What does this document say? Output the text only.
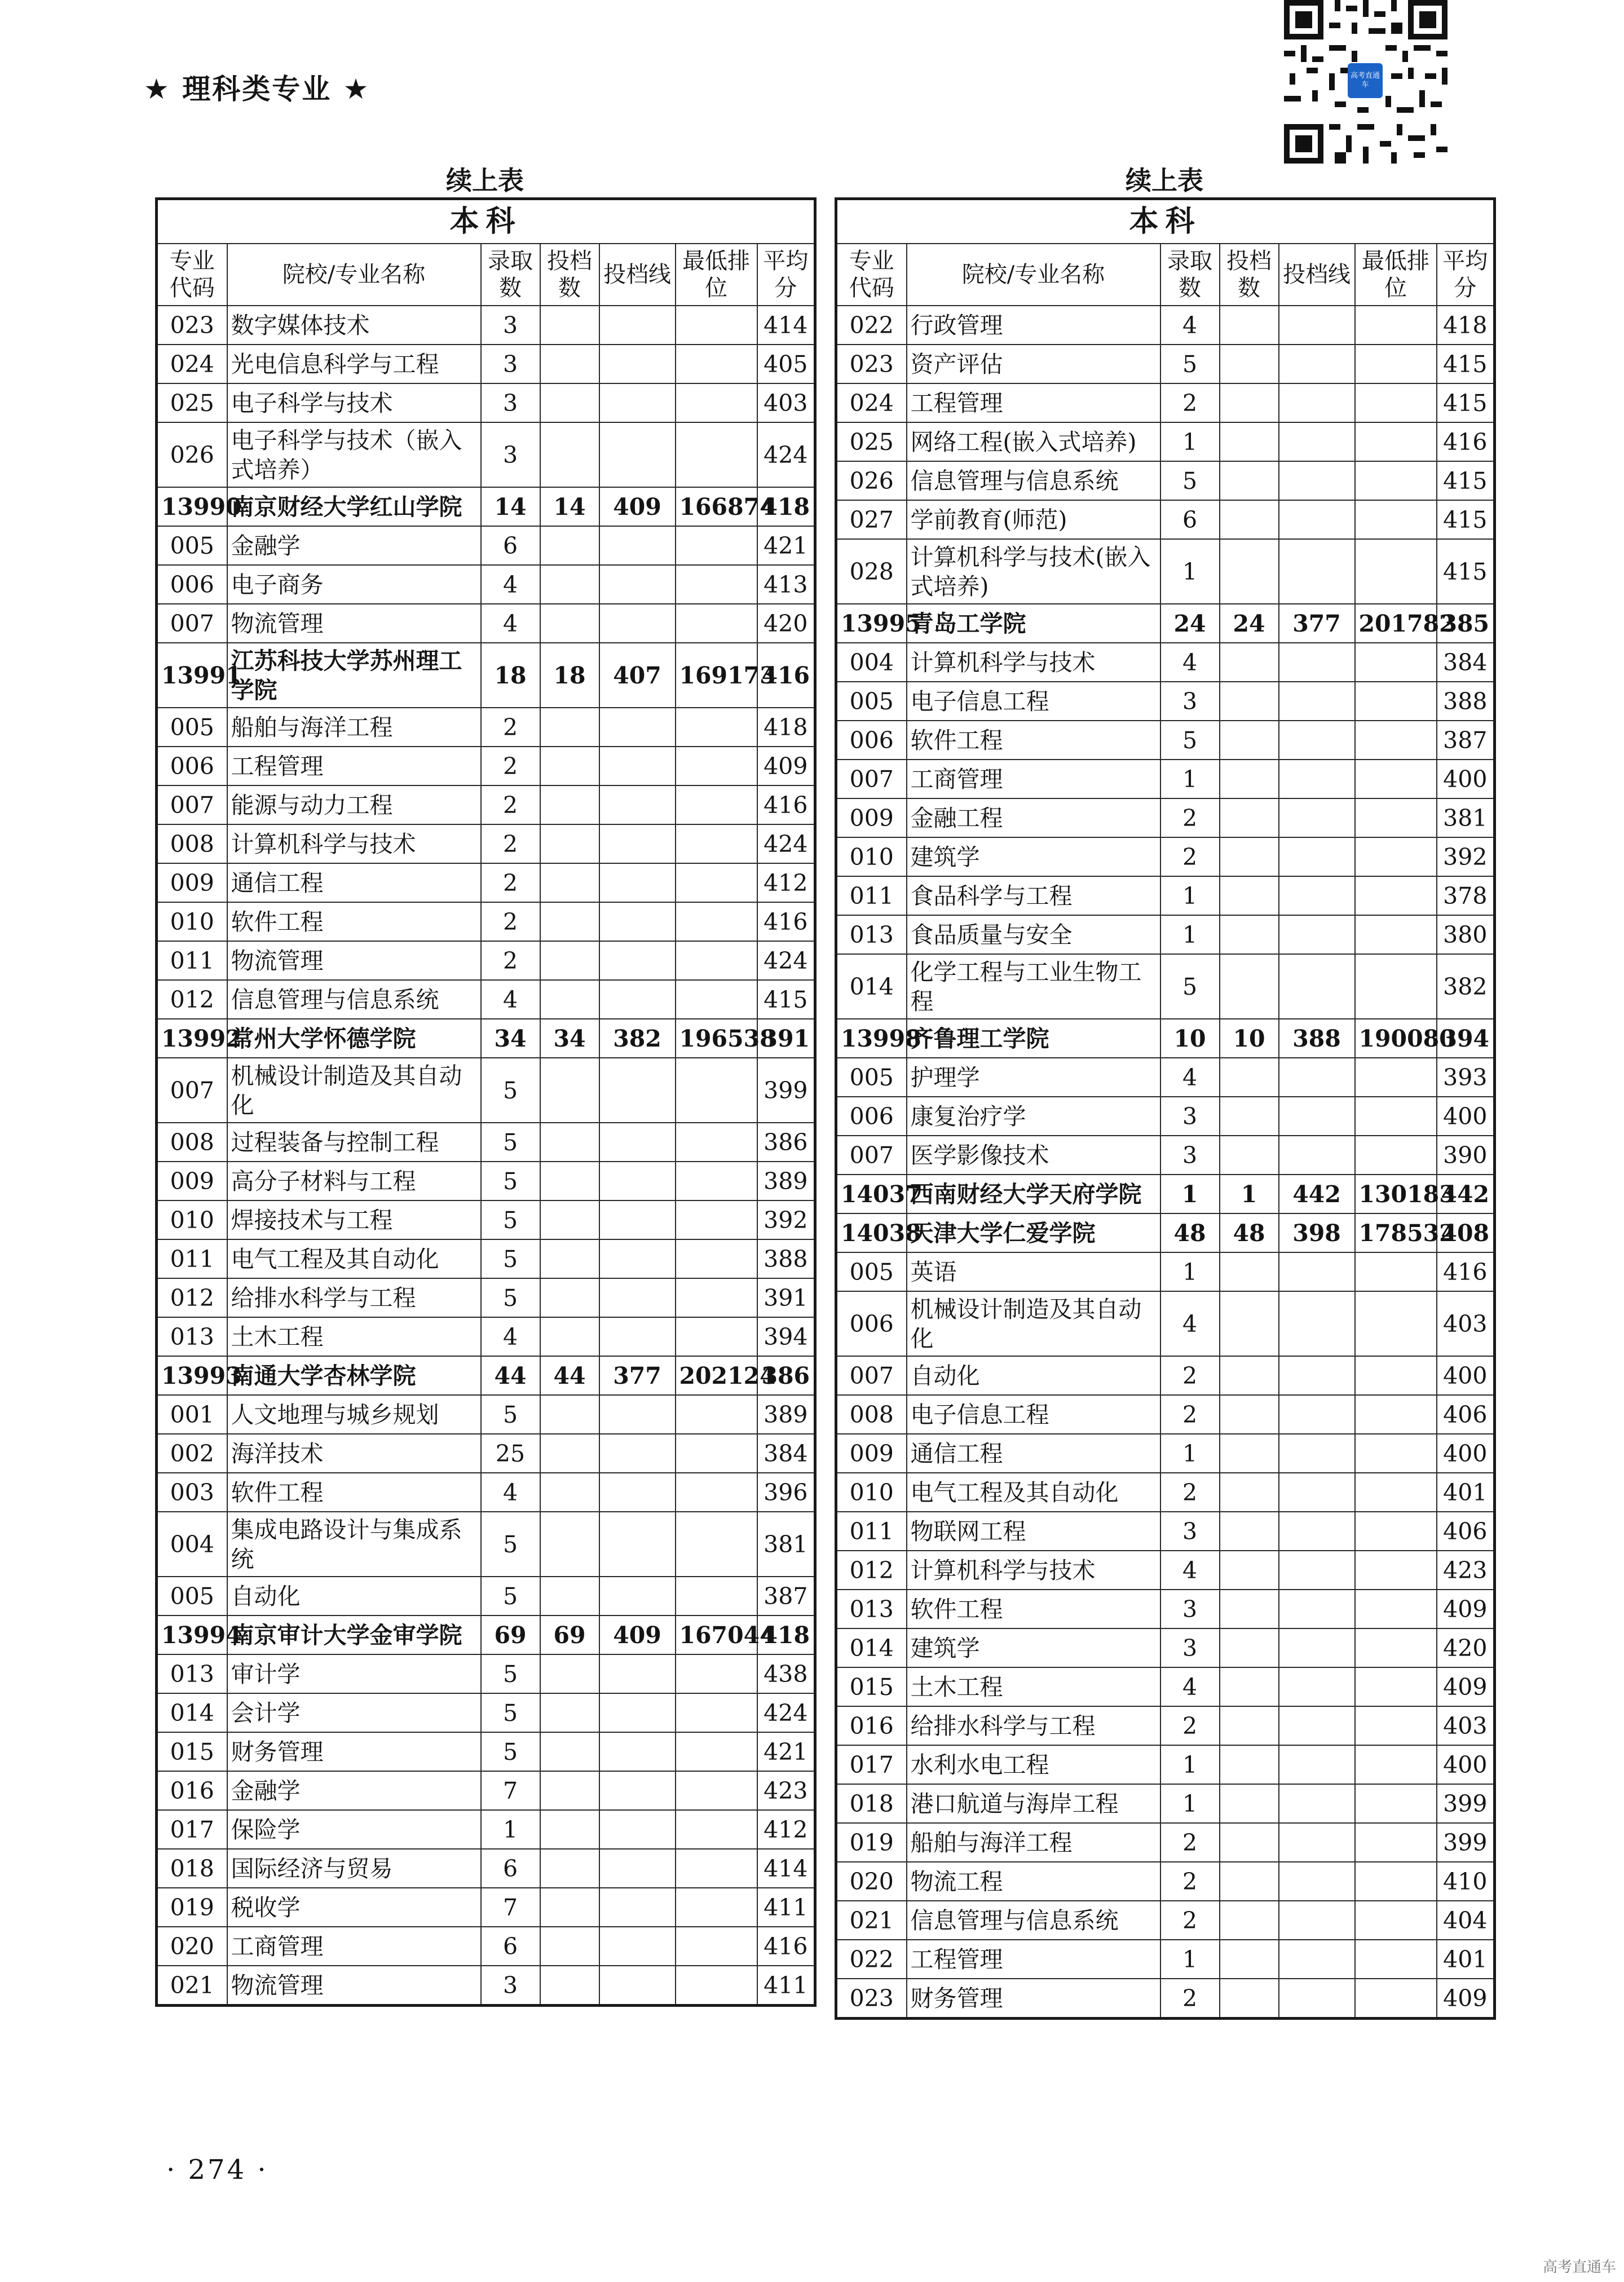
★ 理科类专业 ★	高考直通车
续上表
本科						
专业代码	院校/专业名称	录取数	投档数	投档线	最低排位	平均分
023	数字媒体技术	3				414
024	光电信息科学与工程	3				405
025	电子科学与技术	3				403
026	电子科学与技术（嵌入式培养）	3				424
13990	南京财经大学红山学院	14	14	409	166874	418
005	金融学	6				421
006	电子商务	4				413
007	物流管理	4				420
13991	江苏科技大学苏州理工学院	18	18	407	169173	416
005	船舶与海洋工程	2				418
006	工程管理	2				409
007	能源与动力工程	2				416
008	计算机科学与技术	2				424
009	通信工程	2				412
010	软件工程	2				416
011	物流管理	2				424
012	信息管理与信息系统	4				415
13992	常州大学怀德学院	34	34	382	196538	391
007	机械设计制造及其自动化	5				399
008	过程装备与控制工程	5				386
009	高分子材料与工程	5				389
010	焊接技术与工程	5				392
011	电气工程及其自动化	5				388
012	给排水科学与工程	5				391
013	土木工程	4				394
13993	南通大学杏林学院	44	44	377	202124	386
001	人文地理与城乡规划	5				389
002	海洋技术	25				384
003	软件工程	4				396
004	集成电路设计与集成系统	5				381
005	自动化	5				387
13994	南京审计大学金审学院	69	69	409	167044	418
013	审计学	5				438
014	会计学	5				424
015	财务管理	5				421
016	金融学	7				423
017	保险学	1				412
018	国际经济与贸易	6				414
019	税收学	7				411
020	工商管理	6				416
021	物流管理	3				411
续上表
本科						
专业代码	院校/专业名称	录取数	投档数	投档线	最低排位	平均分
022	行政管理	4				418
023	资产评估	5				415
024	工程管理	2				415
025	网络工程(嵌入式培养)	1				416
026	信息管理与信息系统	5				415
027	学前教育(师范)	6				415
028	计算机科学与技术(嵌入式培养)	1				415
13995	青岛工学院	24	24	377	201782	385
004	计算机科学与技术	4				384
005	电子信息工程	3				388
006	软件工程	5				387
007	工商管理	1				400
009	金融工程	2				381
010	建筑学	2				392
011	食品科学与工程	1				378
013	食品质量与安全	1				380
014	化学工程与工业生物工程	5				382
13998	齐鲁理工学院	10	10	388	190080	394
005	护理学	4				393
006	康复治疗学	3				400
007	医学影像技术	3				390
14037	西南财经大学天府学院	1	1	442	130183	442
14038	天津大学仁爱学院	48	48	398	178532	408
005	英语	1				416
006	机械设计制造及其自动化	4				403
007	自动化	2				400
008	电子信息工程	2				406
009	通信工程	1				400
010	电气工程及其自动化	2				401
011	物联网工程	3				406
012	计算机科学与技术	4				423
013	软件工程	3				409
014	建筑学	3				420
015	土木工程	4				409
016	给排水科学与工程	2				403
017	水利水电工程	1				400
018	港口航道与海岸工程	1				399
019	船舶与海洋工程	2				399
020	物流工程	2				410
021	信息管理与信息系统	2				404
022	工程管理	1				401
023	财务管理	2				409
· 274 ·
高考直通车
